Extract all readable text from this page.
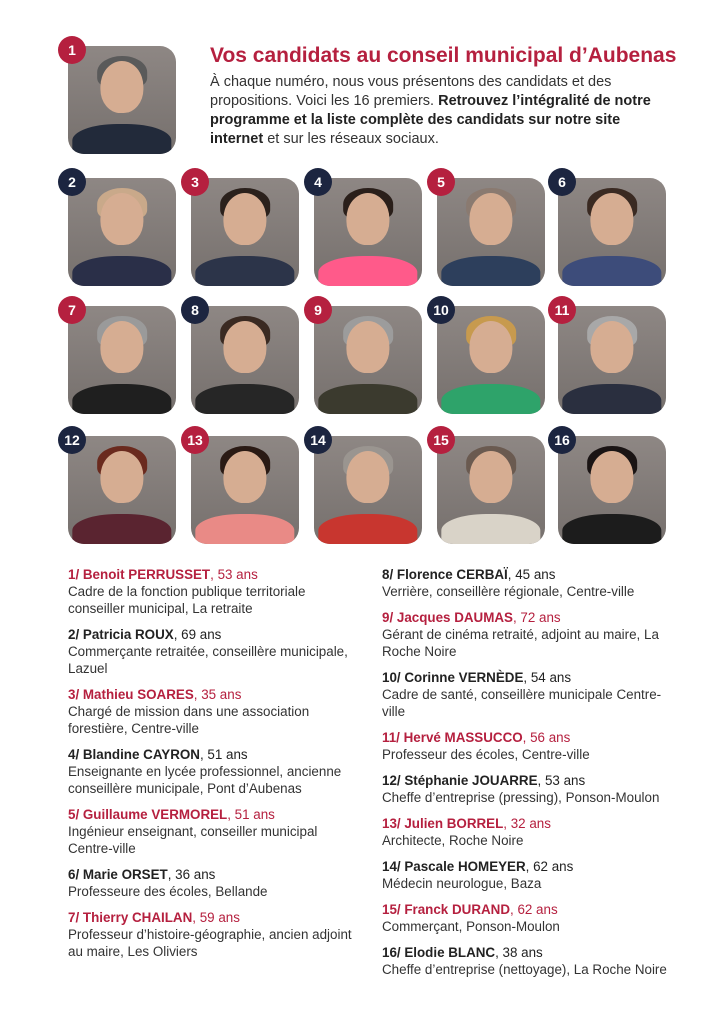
Vos candidats au conseil municipal d’Aubenas
À chaque numéro, nous vous présentons des candidats et des propositions. Voici les 16 premiers. Retrouvez l’intégralité de notre programme et la liste complète des candidats sur notre site internet et sur les réseaux sociaux.
1
2	3	4	5	6
7	8	9	10	11
12	13	14	15	16
1/ Benoit PERRUSSET, 53 ans
Cadre de la fonction publique territoriale conseiller municipal, La retraite
2/ Patricia ROUX, 69 ans
Commerçante retraitée, conseillère municipale, Lazuel
3/ Mathieu SOARES, 35 ans
Chargé de mission dans une association forestière, Centre-ville
4/ Blandine CAYRON, 51 ans
Enseignante en lycée professionnel, ancienne conseillère municipale, Pont d’Aubenas
5/ Guillaume VERMOREL, 51 ans
Ingénieur enseignant, conseiller municipal Centre-ville
6/ Marie ORSET, 36 ans
Professeure des écoles, Bellande
7/ Thierry CHAILAN, 59 ans
Professeur d’histoire-géographie, ancien adjoint au maire, Les Oliviers
8/ Florence CERBAÏ, 45 ans
Verrière, conseillère régionale, Centre-ville
9/ Jacques DAUMAS, 72 ans
Gérant de cinéma retraité, adjoint au maire, La Roche Noire
10/ Corinne VERNÈDE, 54 ans
Cadre de santé, conseillère municipale Centre-ville
11/ Hervé MASSUCCO, 56 ans
Professeur des écoles, Centre-ville
12/ Stéphanie JOUARRE, 53 ans
Cheffe d’entreprise (pressing), Ponson-Moulon
13/ Julien BORREL, 32 ans
Architecte, Roche Noire
14/ Pascale HOMEYER, 62 ans
Médecin neurologue, Baza
15/ Franck DURAND, 62 ans
Commerçant, Ponson-Moulon
16/ Elodie BLANC, 38 ans
Cheffe d’entreprise (nettoyage), La Roche Noire
